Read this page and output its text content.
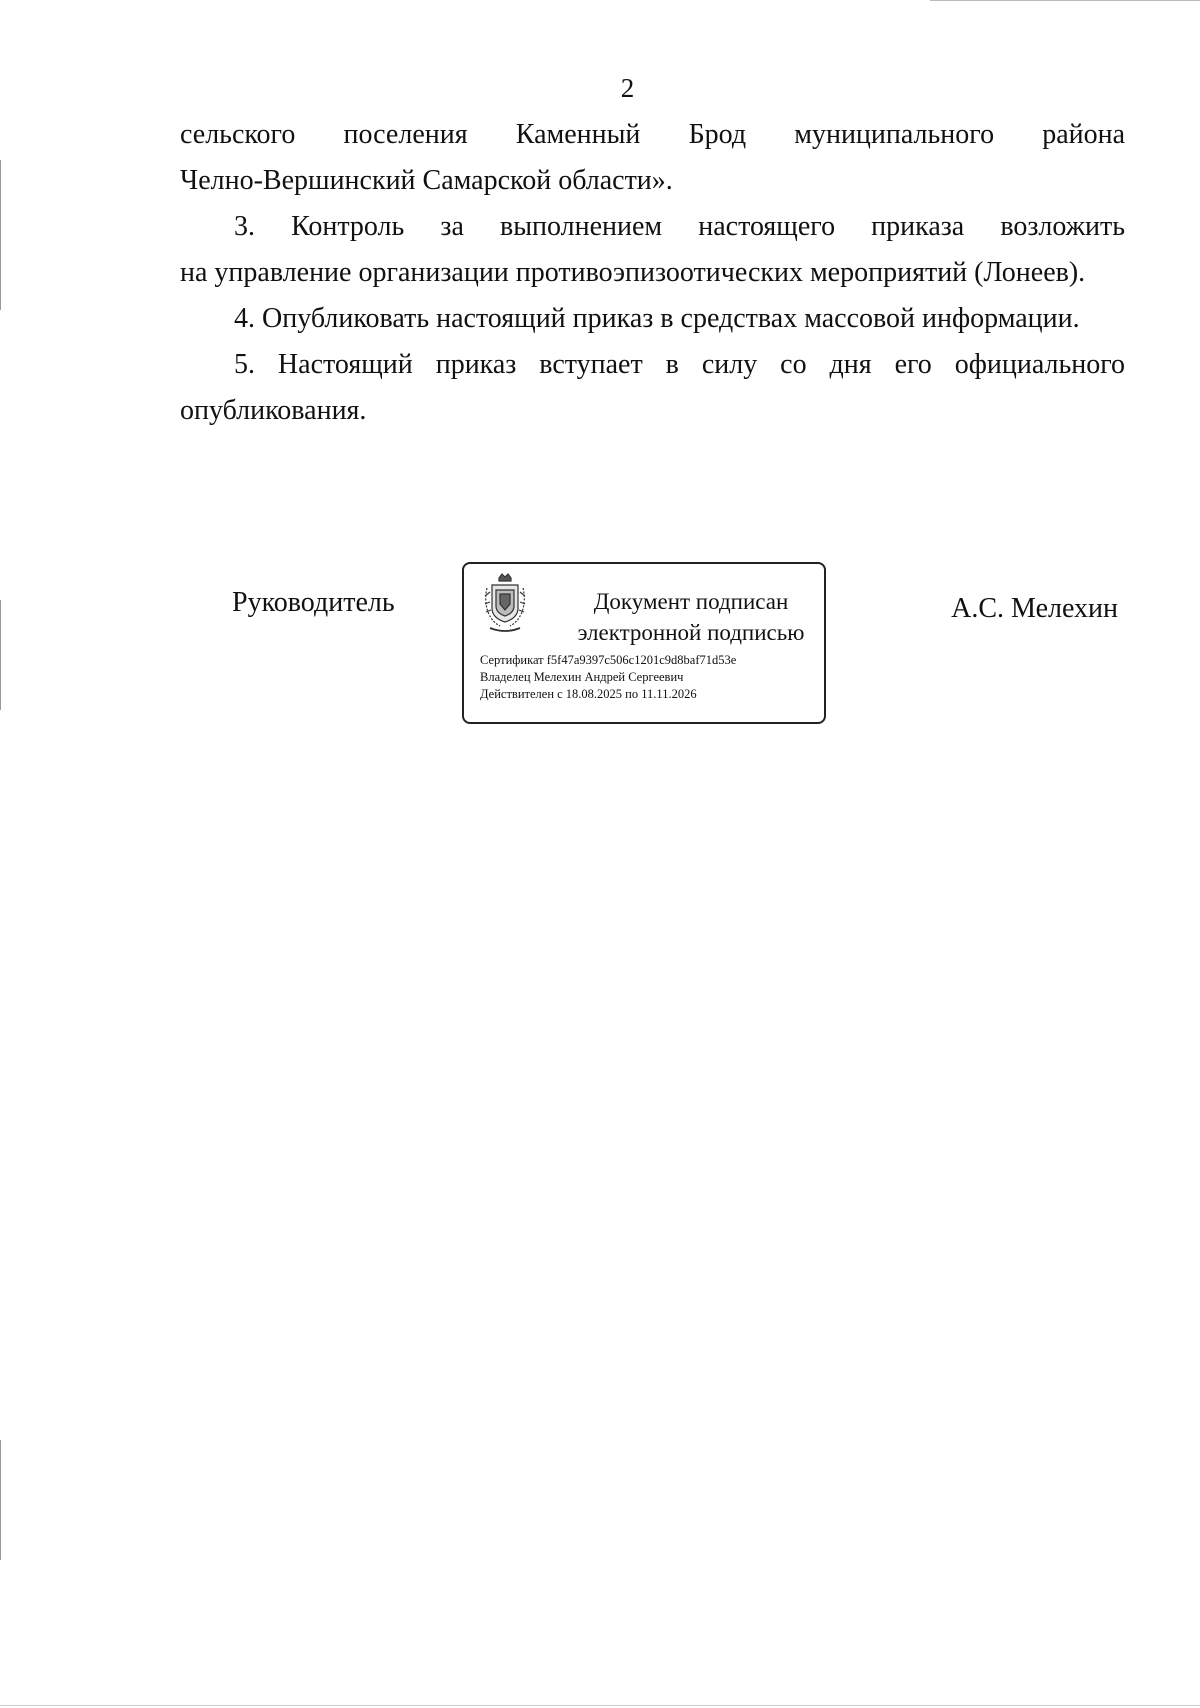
2

сельского поселения Каменный Брод муниципального района
Челно-Вершинский Самарской области».

3. Контроль за выполнением настоящего приказа возложить
на управление организации противоэпизоотических мероприятий (Лонеев).

4. Опубликовать настоящий приказ в средствах массовой информации.

5. Настоящий приказ вступает в силу со дня его официального
опубликования.

Руководитель	Документ подписан
электронной подписью
Сертификат f5f47a9397c506c1201c9d8baf71d53e
Владелец Мелехин Андрей Сергеевич
Действителен с 18.08.2025 по 11.11.2026
А.С. Мелехин
